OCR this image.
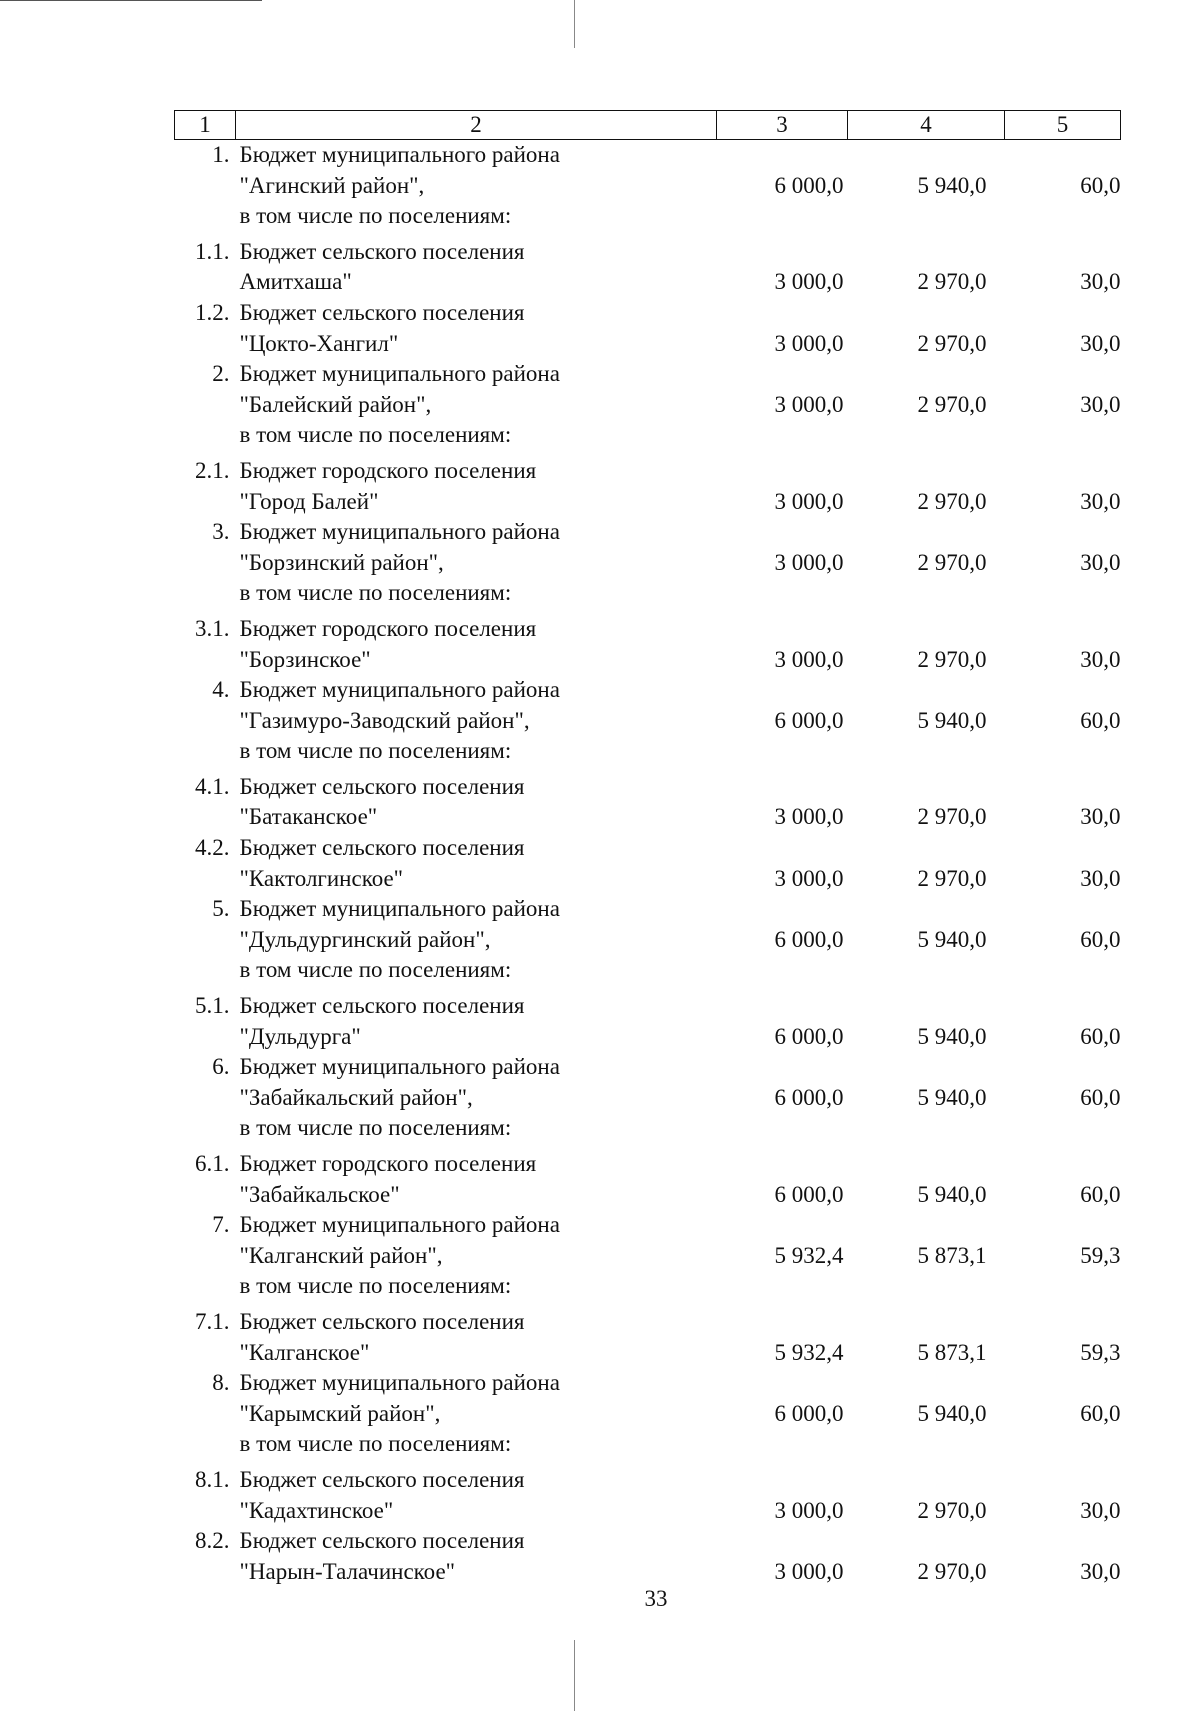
1	2	3	4	5
1.	Бюджет муниципального района
"Агинский район",
в том числе по поселениям:	6 000,0	5 940,0	60,0
1.1.	Бюджет сельского поселения
Амитхаша"	3 000,0	2 970,0	30,0
1.2.	Бюджет сельского поселения
"Цокто-Хангил"	3 000,0	2 970,0	30,0
2.	Бюджет муниципального района
"Балейский район",
в том числе по поселениям:	3 000,0	2 970,0	30,0
2.1.	Бюджет городского поселения
"Город Балей"	3 000,0	2 970,0	30,0
3.	Бюджет муниципального района
"Борзинский район",
в том числе по поселениям:	3 000,0	2 970,0	30,0
3.1.	Бюджет городского поселения
"Борзинское"	3 000,0	2 970,0	30,0
4.	Бюджет муниципального района
"Газимуро-Заводский район",
в том числе по поселениям:	6 000,0	5 940,0	60,0
4.1.	Бюджет сельского поселения
"Батаканское"	3 000,0	2 970,0	30,0
4.2.	Бюджет сельского поселения
"Кактолгинское"	3 000,0	2 970,0	30,0
5.	Бюджет муниципального района
"Дульдургинский район",
в том числе по поселениям:	6 000,0	5 940,0	60,0
5.1.	Бюджет сельского поселения
"Дульдурга"	6 000,0	5 940,0	60,0
6.	Бюджет муниципального района
"Забайкальский район",
в том числе по поселениям:	6 000,0	5 940,0	60,0
6.1.	Бюджет городского поселения
"Забайкальское"	6 000,0	5 940,0	60,0
7.	Бюджет муниципального района
"Калганский район",
в том числе по поселениям:	5 932,4	5 873,1	59,3
7.1.	Бюджет сельского поселения
"Калганское"	5 932,4	5 873,1	59,3
8.	Бюджет муниципального района
"Карымский район",
в том числе по поселениям:	6 000,0	5 940,0	60,0
8.1.	Бюджет сельского поселения
"Кадахтинское"	3 000,0	2 970,0	30,0
8.2.	Бюджет сельского поселения
"Нарын-Талачинское"	3 000,0	2 970,0	30,0
33
